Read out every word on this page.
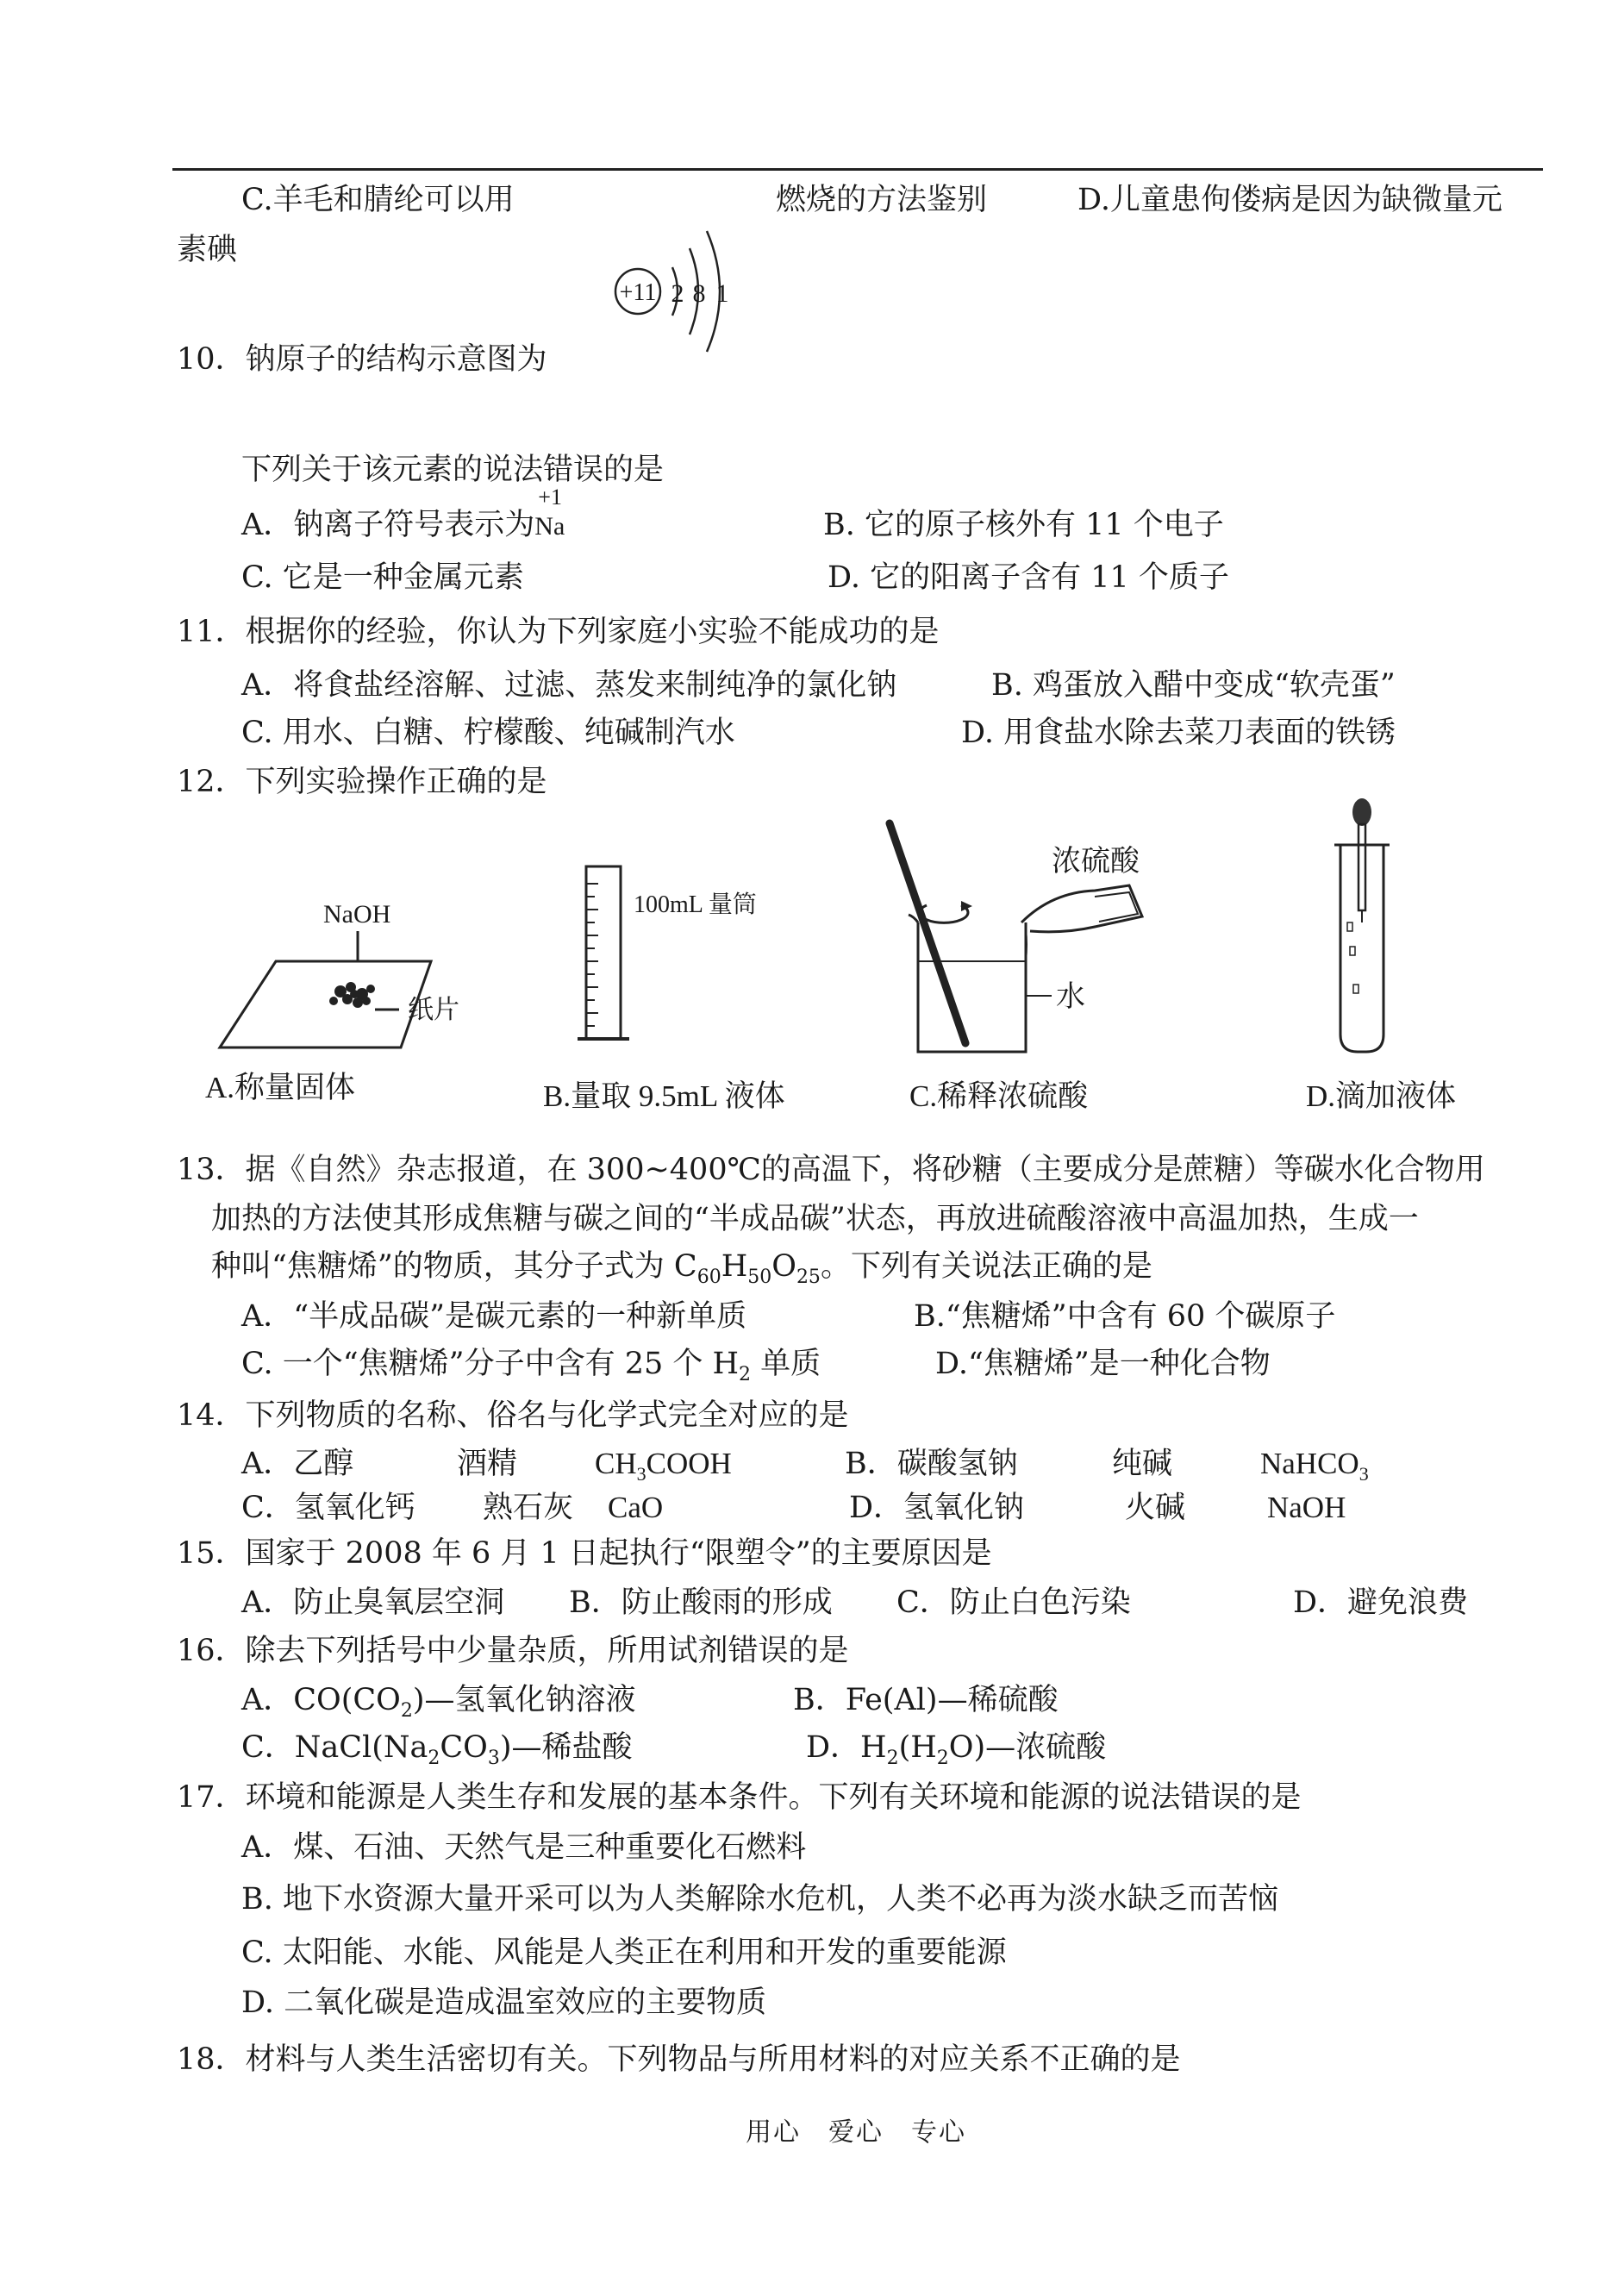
C.羊毛和腈纶可以用	燃烧的方法鉴别	D.儿童患佝偻病是因为缺微量元
素碘
+11 2 8 1
10．钠原子的结构示意图为
下列关于该元素的说法错误的是
A．钠离子符号表示为
+1
Na	B. 它的原子核外有 11 个电子
C. 它是一种金属元素	D. 它的阳离子含有 11 个质子
11．根据你的经验，你认为下列家庭小实验不能成功的是
A．将食盐经溶解、过滤、蒸发来制纯净的氯化钠	B. 鸡蛋放入醋中变成“软壳蛋”
C. 用水、白糖、柠檬酸、纯碱制汽水	D. 用食盐水除去菜刀表面的铁锈
12．下列实验操作正确的是
NaOH
纸片
A.称量固体
100mL 量筒
B.量取 9.5mL 液体
浓硫酸
水
C.稀释浓硫酸	D.滴加液体
13．据《自然》杂志报道，在 300~400℃的高温下，将砂糖（主要成分是蔗糖）等碳水化合物用
加热的方法使其形成焦糖与碳之间的“半成品碳”状态，再放进硫酸溶液中高温加热，生成一
种叫“焦糖烯”的物质，其分子式为 $C_{60}H_{50}O_{25}$。下列有关说法正确的是
A．“半成品碳”是碳元素的一种新单质	B.“焦糖烯”中含有 60 个碳原子
C. 一个“焦糖烯”分子中含有 25 个 $H_2$ 单质	D.“焦糖烯”是一种化合物
14．下列物质的名称、俗名与化学式完全对应的是
A．乙醇	酒精	$CH_3COOH$	B．碳酸氢钠	纯碱	NaHCO$_3$
C．氢氧化钙 熟石灰 CaO	D．氢氧化钠	火碱	NaOH
15．国家于 2008 年 6 月 1 日起执行“限塑令”的主要原因是
A．防止臭氧层空洞 B．防止酸雨的形成 C．防止白色污染	D．避免浪费
16．除去下列括号中少量杂质，所用试剂错误的是
A．$CO(CO_2)—$氢氧化钠溶液	B．Fe(Al)—稀硫酸
C．$NaCl(Na_2CO_3)—$稀盐酸	D．$H_2(H_2O)—$浓硫酸
17．环境和能源是人类生存和发展的基本条件。下列有关环境和能源的说法错误的是
A．煤、石油、天然气是三种重要化石燃料
B. 地下水资源大量开采可以为人类解除水危机，人类不必再为淡水缺乏而苦恼
C. 太阳能、水能、风能是人类正在利用和开发的重要能源
D. 二氧化碳是造成温室效应的主要物质
18．材料与人类生活密切有关。下列物品与所用材料的对应关系不正确的是
用心　爱心　专心
